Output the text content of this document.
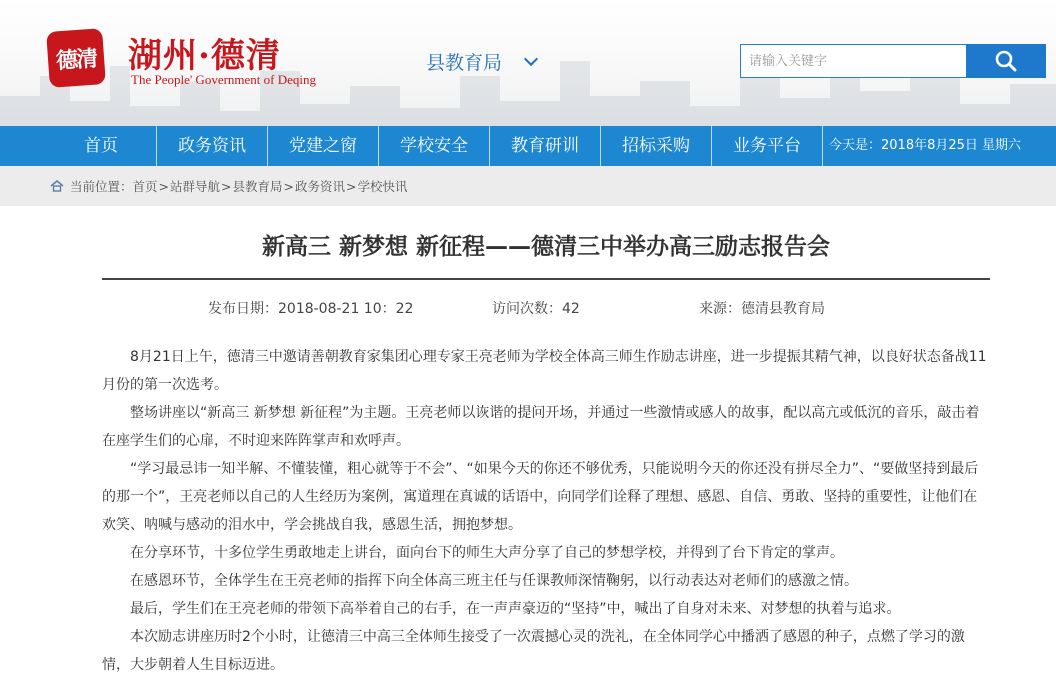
德清 湖州·德清
The People' Government of Deqing
县教育局
请输入关键字
首页	政务资讯	党建之窗	学校安全	教育研训	招标采购	业务平台	今天是：2018年8月25日 星期六
当前位置： 首页 > 站群导航 > 县教育局 > 政务资讯 > 学校快讯
新高三 新梦想 新征程——德清三中举办高三励志报告会
发布日期：2018-08-21 10：22	访问次数：42	来源：德清县教育局

8月21日上午，德清三中邀请善朝教育家集团心理专家王亮老师为学校全体高三师生作励志讲座，进一步提振其精气神，以良好状态备战11月份的第一次选考。

整场讲座以“新高三 新梦想 新征程”为主题。王亮老师以诙谐的提问开场，并通过一些激情或感人的故事，配以高亢或低沉的音乐，敲击着在座学生们的心扉，不时迎来阵阵掌声和欢呼声。

“学习最忌讳一知半解、不懂装懂，粗心就等于不会”、“如果今天的你还不够优秀，只能说明今天的你还没有拼尽全力”、“要做坚持到最后的那一个”，王亮老师以自己的人生经历为案例，寓道理在真诚的话语中，向同学们诠释了理想、感恩、自信、勇敢、坚持的重要性，让他们在欢笑、呐喊与感动的泪水中，学会挑战自我，感恩生活，拥抱梦想。

在分享环节，十多位学生勇敢地走上讲台，面向台下的师生大声分享了自己的梦想学校，并得到了台下肯定的掌声。

在感恩环节，全体学生在王亮老师的指挥下向全体高三班主任与任课教师深情鞠躬，以行动表达对老师们的感激之情。

最后，学生们在王亮老师的带领下高举着自己的右手，在一声声豪迈的“坚持”中，喊出了自身对未来、对梦想的执着与追求。

本次励志讲座历时2个小时，让德清三中高三全体师生接受了一次震撼心灵的洗礼，在全体同学心中播洒了感恩的种子，点燃了学习的激情，大步朝着人生目标迈进。
